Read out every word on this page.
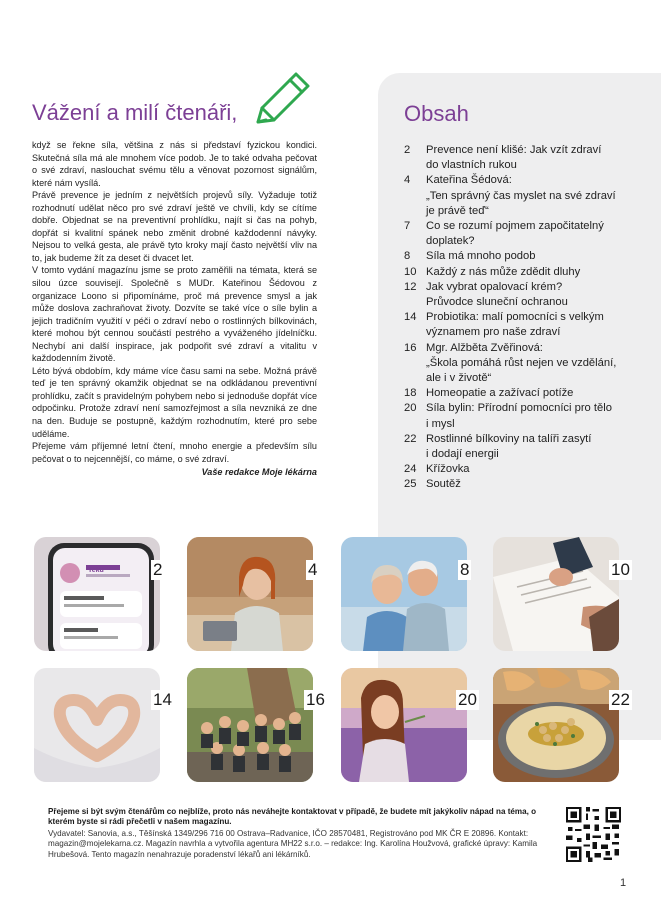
Vážení a milí čtenáři,

když se řekne síla, většina z nás si představí fyzickou kondici. Skutečná síla má ale mnohem více podob. Je to také odvaha pečovat o své zdraví, naslouchat svému tělu a věnovat pozornost signálům, které nám vysílá.

Právě prevence je jedním z největších projevů síly. Vyžaduje totiž rozhodnutí udělat něco pro své zdraví ještě ve chvíli, kdy se cítíme dobře. Objednat se na preventivní prohlídku, najít si čas na pohyb, dopřát si kvalitní spánek nebo změnit drobné každodenní návyky. Nejsou to velká gesta, ale právě tyto kroky mají často největší vliv na to, jak budeme žít za deset či dvacet let.

V tomto vydání magazínu jsme se proto zaměřili na témata, která se silou úzce souvisejí. Společně s MUDr. Kateřinou Šédovou z organizace Loono si připomínáme, proč má prevence smysl a jak může doslova zachraňovat životy. Dozvíte se také více o síle bylin a jejich tradičním využití v péči o zdraví nebo o rostlinných bílkovinách, které mohou být cennou součástí pestrého a vyváženého jídelníčku. Nechybí ani další inspirace, jak podpořit své zdraví a vitalitu v každodenním životě.

Léto bývá obdobím, kdy máme více času sami na sebe. Možná právě teď je ten správný okamžik objednat se na odkládanou preventivní prohlídku, začít s pravidelným pohybem nebo si jednoduše dopřát více odpočinku. Protože zdraví není samozřejmost a síla nevzniká ze dne na den. Buduje se postupně, každým rozhodnutím, které pro sebe uděláme.

Přejeme vám příjemné letní čtení, mnoho energie a především sílu pečovat o to nejcennější, co máme, o své zdraví.

Vaše redakce Moje lékárna

Obsah
2	Prevence není klišé: Jak vzít zdraví
do vlastních rukou
4	Kateřina Šédová:
„Ten správný čas myslet na své zdraví
je právě teď“
7	Co se rozumí pojmem započitatelný
doplatek?
8	Síla má mnoho podob
10 Každý z nás může zdědit dluhy
12 Jak vybrat opalovací krém?
Průvodce sluneční ochranou
14 Probiotika: malí pomocníci s velkým
významem pro naše zdraví
16 Mgr. Alžběta Zvěřinová:
„Škola pomáhá růst nejen ve vzdělání,
ale i v životě“
18 Homeopatie a zažívací potíže
20 Síla bylin: Přírodní pomocníci pro tělo
i mysl
22 Rostlinné bílkoviny na talíři zasytí
i dodají energii
24 Křížovka
25 Soutěž
Teku	2	4	8	10
14	16	20	22

Přejeme si být svým čtenářům co nejblíže, proto nás neváhejte kontaktovat v případě, že budete mít jakýkoliv nápad na téma, o kterém byste si rádi přečetli v našem magazínu.

Vydavatel: Sanovia, a.s., Těšínská 1349/296 716 00 Ostrava–Radvanice, IČO 28570481, Registrováno pod MK ČR E 20896. Kontakt: magazin@mojelekarna.cz. Magazín navrhla a vytvořila agentura MH22 s.r.o. – redakce: Ing. Karolína Houžvová, grafické úpravy: Kamila Hrubešová. Tento magazín nenahrazuje poradenství lékařů ani lékárníků.

1
